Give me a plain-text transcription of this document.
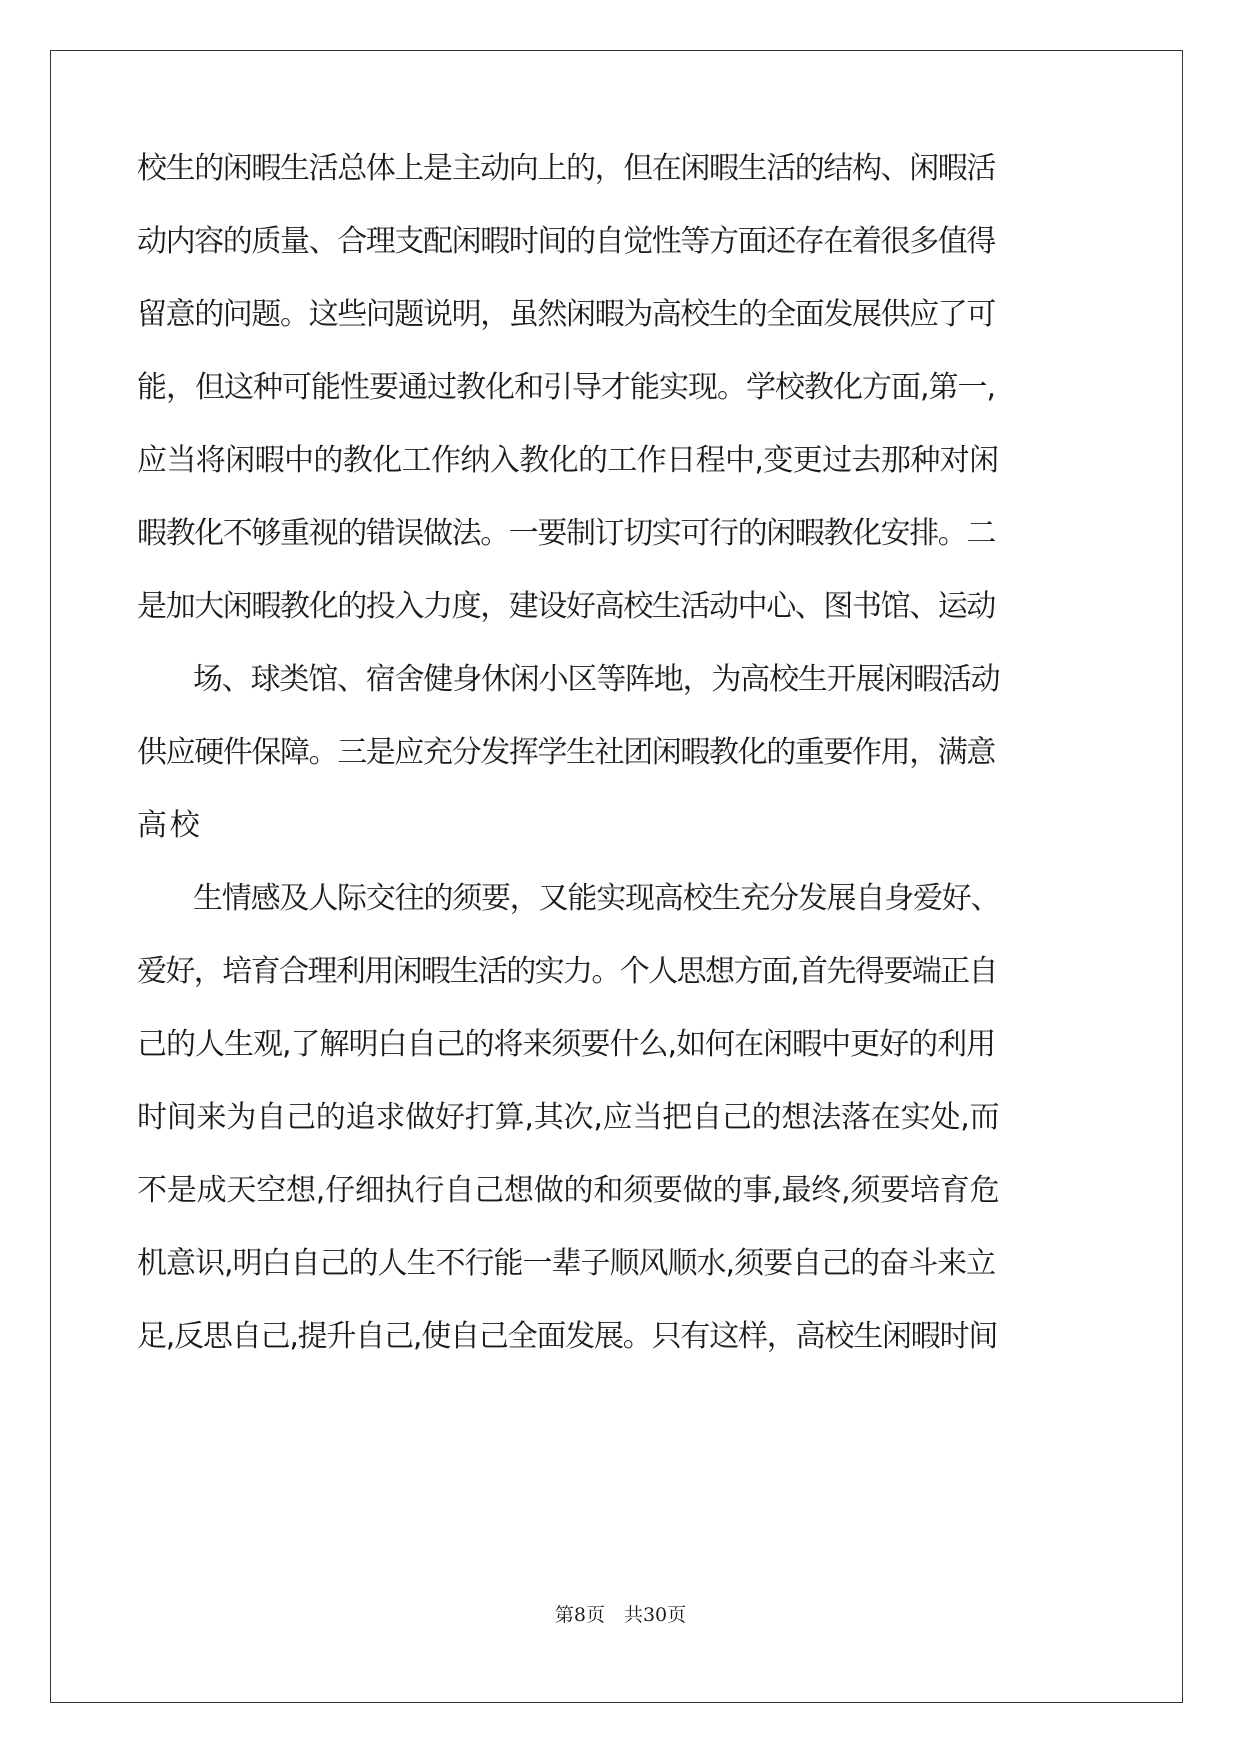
校生的闲暇生活总体上是主动向上的，但在闲暇生活的结构、闲暇活
动内容的质量、合理支配闲暇时间的自觉性等方面还存在着很多值得
留意的问题。这些问题说明，虽然闲暇为高校生的全面发展供应了可
能，但这种可能性要通过教化和引导才能实现。学校教化方面,第一,
应当将闲暇中的教化工作纳入教化的工作日程中,变更过去那种对闲
暇教化不够重视的错误做法。一要制订切实可行的闲暇教化安排。二
是加大闲暇教化的投入力度，建设好高校生活动中心、图书馆、运动
场、球类馆、宿舍健身休闲小区等阵地，为高校生开展闲暇活动
供应硬件保障。三是应充分发挥学生社团闲暇教化的重要作用，满意
高校
生情感及人际交往的须要，又能实现高校生充分发展自身爱好、
爱好，培育合理利用闲暇生活的实力。个人思想方面,首先得要端正自
己的人生观,了解明白自己的将来须要什么,如何在闲暇中更好的利用
时间来为自己的追求做好打算,其次,应当把自己的想法落在实处,而
不是成天空想,仔细执行自己想做的和须要做的事,最终,须要培育危
机意识,明白自己的人生不行能一辈子顺风顺水,须要自己的奋斗来立
足,反思自己,提升自己,使自己全面发展。只有这样，高校生闲暇时间
第8页　共30页
